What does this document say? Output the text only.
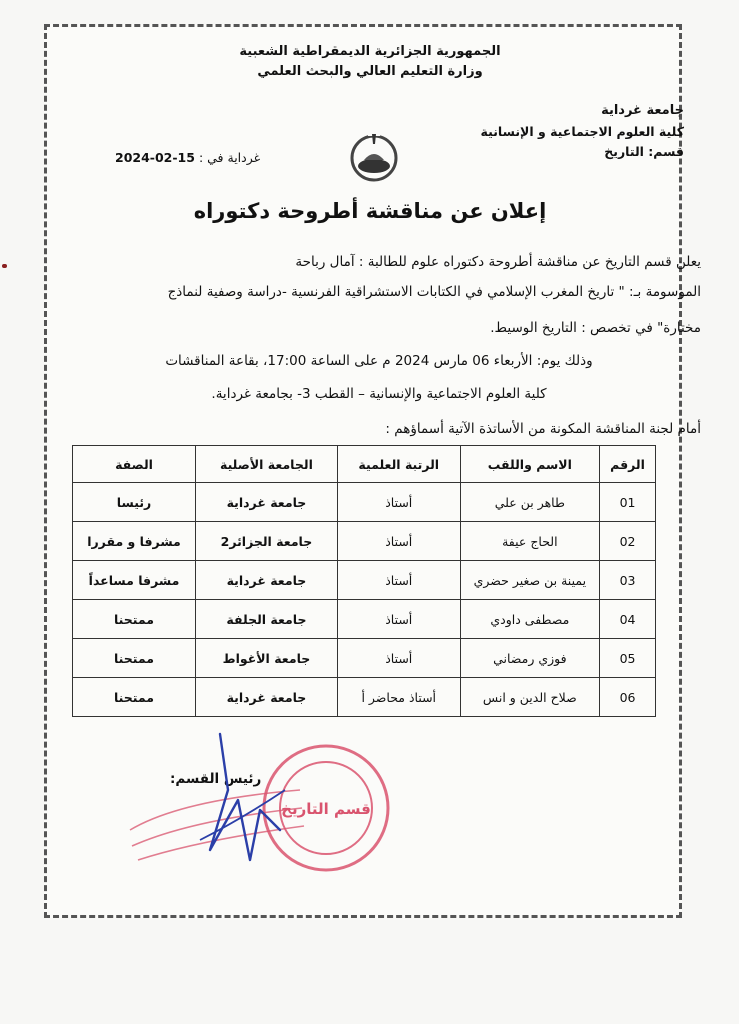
الجمهورية الجزائرية الديمقراطية الشعبية
وزارة التعليم العالي والبحث العلمي
جامعة غرداية
كلية العلوم الاجتماعية و الإنسانية
قسم: التاريخ
2024-02-15 غرداية في :
إعلان عن مناقشة أطروحة دكتوراه
يعلن قسم التاريخ عن مناقشة أطروحة دكتوراه علوم للطالبة : آمال رباحة
الموسومة بـ: " تاريخ المغرب الإسلامي في الكتابات الاستشراقية الفرنسية -دراسة وصفية لنماذج
مختارة" في تخصص : التاريخ الوسيط.
وذلك يوم: الأربعاء 06 مارس 2024 م على الساعة 17:00، بقاعة المناقشات
كلية العلوم الاجتماعية والإنسانية – القطب 3- بجامعة غرداية.
أمام لجنة المناقشة المكونة من الأساتذة الآتية أسماؤهم :
الرقم	الاسم واللقب	الرتبة العلمية	الجامعة الأصلية	الصفة
01	طاهر بن علي	أستاذ	جامعة غرداية	رئيسا
02	الحاج عيفة	أستاذ	جامعة الجزائر2	مشرفا و مقررا
03	يمينة بن صغير حضري	أستاذ	جامعة غرداية	مشرفا مساعداً
04	مصطفى داودي	أستاذ	جامعة الجلفة	ممتحنا
05	فوزي رمضاني	أستاذ	جامعة الأغواط	ممتحنا
06	صلاح الدين و انس	أستاذ محاضر أ	جامعة غرداية	ممتحنا
رئيس القسم:
قسم التاريخ
